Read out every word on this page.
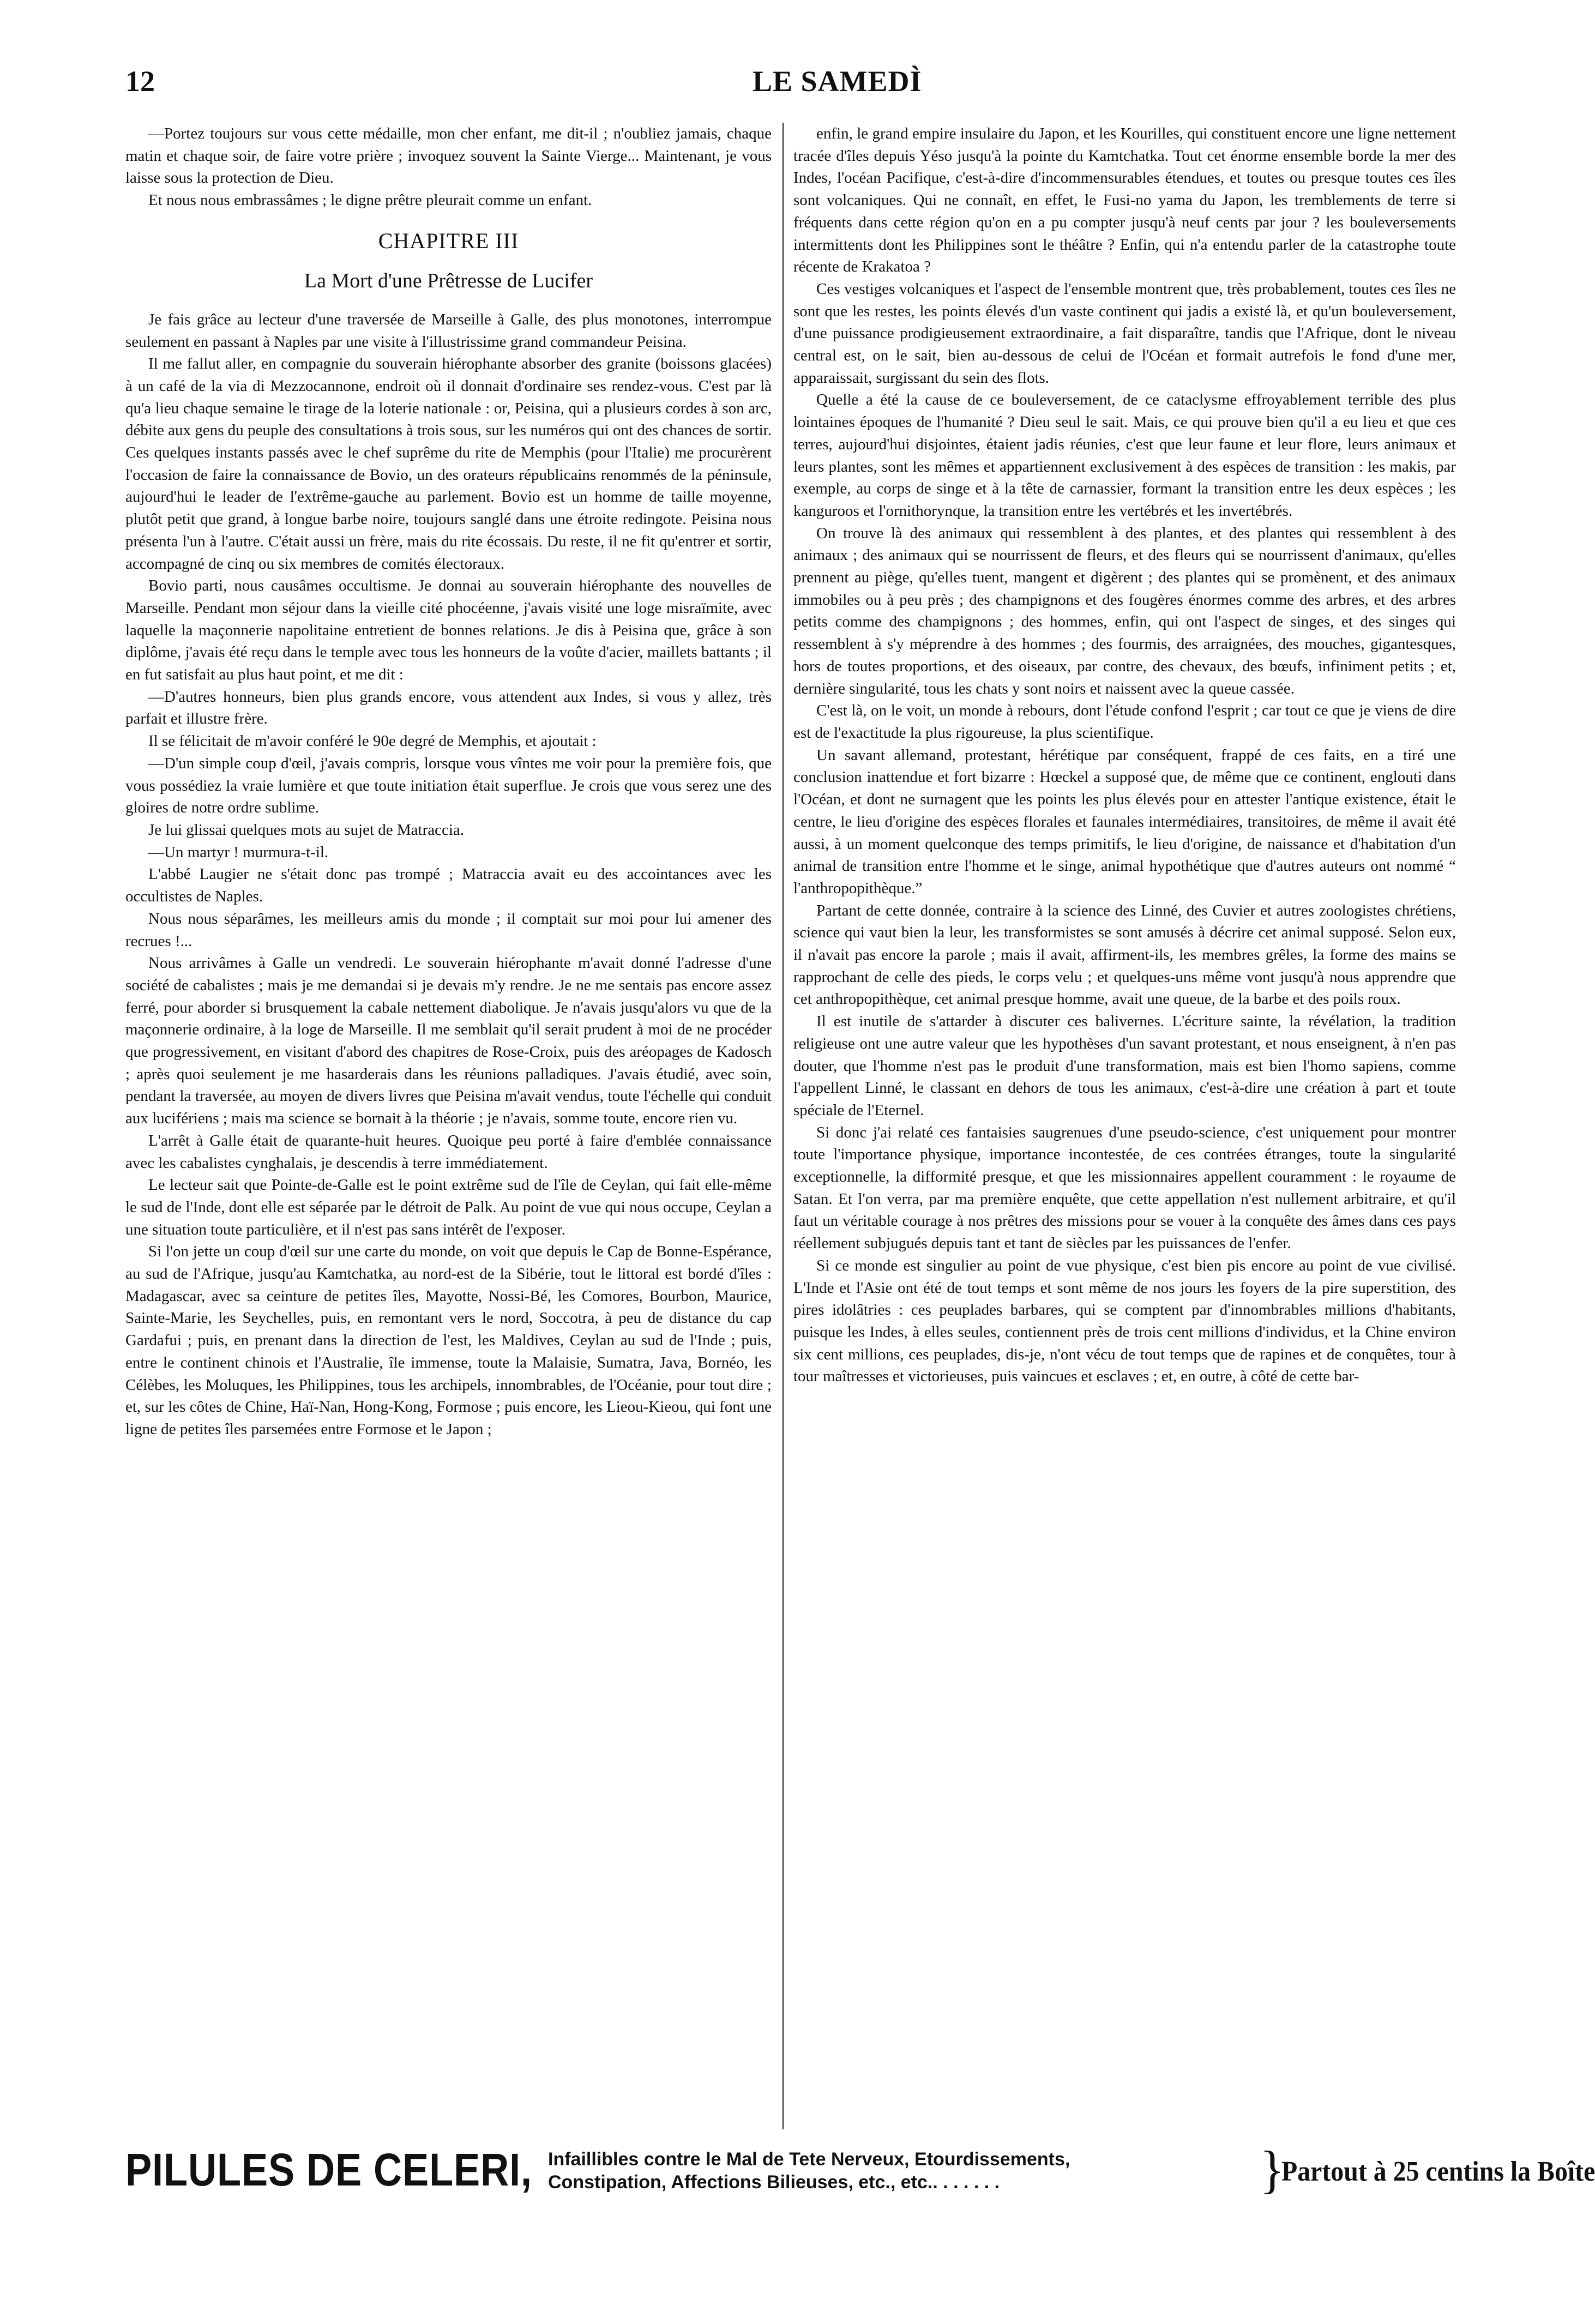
12	LE SAMEDÌ

—Portez toujours sur vous cette médaille, mon cher enfant, me dit-il ; n'oubliez jamais, chaque matin et chaque soir, de faire votre prière ; invoquez souvent la Sainte Vierge... Maintenant, je vous laisse sous la protection de Dieu.

Et nous nous embrassâmes ; le digne prêtre pleurait comme un enfant.

CHAPITRE III

La Mort d'une Prêtresse de Lucifer

Je fais grâce au lecteur d'une traversée de Marseille à Galle, des plus monotones, interrompue seulement en passant à Naples par une visite à l'illustrissime grand commandeur Peisina.

Il me fallut aller, en compagnie du souverain hiérophante absorber des granite (boissons glacées) à un café de la via di Mezzocannone, endroit où il donnait d'ordinaire ses rendez-vous. C'est par là qu'a lieu chaque semaine le tirage de la loterie nationale : or, Peisina, qui a plusieurs cordes à son arc, débite aux gens du peuple des consultations à trois sous, sur les numéros qui ont des chances de sortir. Ces quelques instants passés avec le chef suprême du rite de Memphis (pour l'Italie) me procurèrent l'occasion de faire la connaissance de Bovio, un des orateurs républicains renommés de la péninsule, aujourd'hui le leader de l'extrême-gauche au parlement. Bovio est un homme de taille moyenne, plutôt petit que grand, à longue barbe noire, toujours sanglé dans une étroite redingote. Peisina nous présenta l'un à l'autre. C'était aussi un frère, mais du rite écossais. Du reste, il ne fit qu'entrer et sortir, accompagné de cinq ou six membres de comités électoraux.

Bovio parti, nous causâmes occultisme. Je donnai au souverain hiérophante des nouvelles de Marseille. Pendant mon séjour dans la vieille cité phocéenne, j'avais visité une loge misraïmite, avec laquelle la maçonnerie napolitaine entretient de bonnes relations. Je dis à Peisina que, grâce à son diplôme, j'avais été reçu dans le temple avec tous les honneurs de la voûte d'acier, maillets battants ; il en fut satisfait au plus haut point, et me dit :

—D'autres honneurs, bien plus grands encore, vous attendent aux Indes, si vous y allez, très parfait et illustre frère.

Il se félicitait de m'avoir conféré le 90e degré de Memphis, et ajoutait :

—D'un simple coup d'œil, j'avais compris, lorsque vous vîntes me voir pour la première fois, que vous possédiez la vraie lumière et que toute initiation était superflue. Je crois que vous serez une des gloires de notre ordre sublime.

Je lui glissai quelques mots au sujet de Matraccia.

—Un martyr ! murmura-t-il.

L'abbé Laugier ne s'était donc pas trompé ; Matraccia avait eu des accointances avec les occultistes de Naples.

Nous nous séparâmes, les meilleurs amis du monde ; il comptait sur moi pour lui amener des recrues !...

Nous arrivâmes à Galle un vendredi. Le souverain hiérophante m'avait donné l'adresse d'une société de cabalistes ; mais je me demandai si je devais m'y rendre. Je ne me sentais pas encore assez ferré, pour aborder si brusquement la cabale nettement diabolique. Je n'avais jusqu'alors vu que de la maçonnerie ordinaire, à la loge de Marseille. Il me semblait qu'il serait prudent à moi de ne procéder que progressivement, en visitant d'abord des chapitres de Rose-Croix, puis des aréopages de Kadosch ; après quoi seulement je me hasarderais dans les réunions palladiques. J'avais étudié, avec soin, pendant la traversée, au moyen de divers livres que Peisina m'avait vendus, toute l'échelle qui conduit aux lucifériens ; mais ma science se bornait à la théorie ; je n'avais, somme toute, encore rien vu.

L'arrêt à Galle était de quarante-huit heures. Quoique peu porté à faire d'emblée connaissance avec les cabalistes cynghalais, je descendis à terre immédiatement.

Le lecteur sait que Pointe-de-Galle est le point extrême sud de l'île de Ceylan, qui fait elle-même le sud de l'Inde, dont elle est séparée par le détroit de Palk. Au point de vue qui nous occupe, Ceylan a une situation toute particulière, et il n'est pas sans intérêt de l'exposer.

Si l'on jette un coup d'œil sur une carte du monde, on voit que depuis le Cap de Bonne-Espérance, au sud de l'Afrique, jusqu'au Kamtchatka, au nord-est de la Sibérie, tout le littoral est bordé d'îles : Madagascar, avec sa ceinture de petites îles, Mayotte, Nossi-Bé, les Comores, Bourbon, Maurice, Sainte-Marie, les Seychelles, puis, en remontant vers le nord, Soccotra, à peu de distance du cap Gardafui ; puis, en prenant dans la direction de l'est, les Maldives, Ceylan au sud de l'Inde ; puis, entre le continent chinois et l'Australie, île immense, toute la Malaisie, Sumatra, Java, Bornéo, les Célèbes, les Moluques, les Philippines, tous les archipels, innombrables, de l'Océanie, pour tout dire ; et, sur les côtes de Chine, Haï-Nan, Hong-Kong, Formose ; puis encore, les Lieou-Kieou, qui font une ligne de petites îles parsemées entre Formose et le Japon ;

enfin, le grand empire insulaire du Japon, et les Kourilles, qui constituent encore une ligne nettement tracée d'îles depuis Yéso jusqu'à la pointe du Kamtchatka. Tout cet énorme ensemble borde la mer des Indes, l'océan Pacifique, c'est-à-dire d'incommensurables étendues, et toutes ou presque toutes ces îles sont volcaniques. Qui ne connaît, en effet, le Fusi-no yama du Japon, les tremblements de terre si fréquents dans cette région qu'on en a pu compter jusqu'à neuf cents par jour ? les bouleversements intermittents dont les Philippines sont le théâtre ? Enfin, qui n'a entendu parler de la catastrophe toute récente de Krakatoa ?

Ces vestiges volcaniques et l'aspect de l'ensemble montrent que, très probablement, toutes ces îles ne sont que les restes, les points élevés d'un vaste continent qui jadis a existé là, et qu'un bouleversement, d'une puissance prodigieusement extraordinaire, a fait disparaître, tandis que l'Afrique, dont le niveau central est, on le sait, bien au-dessous de celui de l'Océan et formait autrefois le fond d'une mer, apparaissait, surgissant du sein des flots.

Quelle a été la cause de ce bouleversement, de ce cataclysme effroyablement terrible des plus lointaines époques de l'humanité ? Dieu seul le sait. Mais, ce qui prouve bien qu'il a eu lieu et que ces terres, aujourd'hui disjointes, étaient jadis réunies, c'est que leur faune et leur flore, leurs animaux et leurs plantes, sont les mêmes et appartiennent exclusivement à des espèces de transition : les makis, par exemple, au corps de singe et à la tête de carnassier, formant la transition entre les deux espèces ; les kanguroos et l'ornithorynque, la transition entre les vertébrés et les invertébrés.

On trouve là des animaux qui ressemblent à des plantes, et des plantes qui ressemblent à des animaux ; des animaux qui se nourrissent de fleurs, et des fleurs qui se nourrissent d'animaux, qu'elles prennent au piège, qu'elles tuent, mangent et digèrent ; des plantes qui se promènent, et des animaux immobiles ou à peu près ; des champignons et des fougères énormes comme des arbres, et des arbres petits comme des champignons ; des hommes, enfin, qui ont l'aspect de singes, et des singes qui ressemblent à s'y méprendre à des hommes ; des fourmis, des arraignées, des mouches, gigantesques, hors de toutes proportions, et des oiseaux, par contre, des chevaux, des bœufs, infiniment petits ; et, dernière singularité, tous les chats y sont noirs et naissent avec la queue cassée.

C'est là, on le voit, un monde à rebours, dont l'étude confond l'esprit ; car tout ce que je viens de dire est de l'exactitude la plus rigoureuse, la plus scientifique.

Un savant allemand, protestant, hérétique par conséquent, frappé de ces faits, en a tiré une conclusion inattendue et fort bizarre : Hœckel a supposé que, de même que ce continent, englouti dans l'Océan, et dont ne surnagent que les points les plus élevés pour en attester l'antique existence, était le centre, le lieu d'origine des espèces florales et faunales intermédiaires, transitoires, de même il avait été aussi, à un moment quelconque des temps primitifs, le lieu d'origine, de naissance et d'habitation d'un animal de transition entre l'homme et le singe, animal hypothétique que d'autres auteurs ont nommé “ l'anthropopithèque.”

Partant de cette donnée, contraire à la science des Linné, des Cuvier et autres zoologistes chrétiens, science qui vaut bien la leur, les transformistes se sont amusés à décrire cet animal supposé. Selon eux, il n'avait pas encore la parole ; mais il avait, affirment-ils, les membres grêles, la forme des mains se rapprochant de celle des pieds, le corps velu ; et quelques-uns même vont jusqu'à nous apprendre que cet anthropopithèque, cet animal presque homme, avait une queue, de la barbe et des poils roux.

Il est inutile de s'attarder à discuter ces balivernes. L'écriture sainte, la révélation, la tradition religieuse ont une autre valeur que les hypothèses d'un savant protestant, et nous enseignent, à n'en pas douter, que l'homme n'est pas le produit d'une transformation, mais est bien l'homo sapiens, comme l'appellent Linné, le classant en dehors de tous les animaux, c'est-à-dire une création à part et toute spéciale de l'Eternel.

Si donc j'ai relaté ces fantaisies saugrenues d'une pseudo-science, c'est uniquement pour montrer toute l'importance physique, importance incontestée, de ces contrées étranges, toute la singularité exceptionnelle, la difformité presque, et que les missionnaires appellent couramment : le royaume de Satan. Et l'on verra, par ma première enquête, que cette appellation n'est nullement arbitraire, et qu'il faut un véritable courage à nos prêtres des missions pour se vouer à la conquête des âmes dans ces pays réellement subjugués depuis tant et tant de siècles par les puissances de l'enfer.

Si ce monde est singulier au point de vue physique, c'est bien pis encore au point de vue civilisé. L'Inde et l'Asie ont été de tout temps et sont même de nos jours les foyers de la pire superstition, des pires idolâtries : ces peuplades barbares, qui se comptent par d'innombrables millions d'habitants, puisque les Indes, à elles seules, contiennent près de trois cent millions d'individus, et la Chine environ six cent millions, ces peuplades, dis-je, n'ont vécu de tout temps que de rapines et de conquêtes, tour à tour maîtresses et victorieuses, puis vaincues et esclaves ; et, en outre, à côté de cette bar-

PILULES DE CELERI, Infaillibles contre le Mal de Tete Nerveux, Etourdissements,
Constipation, Affections Bilieuses, etc., etc.. . . . . . .	}
Partout à 25 centins la Boîte
